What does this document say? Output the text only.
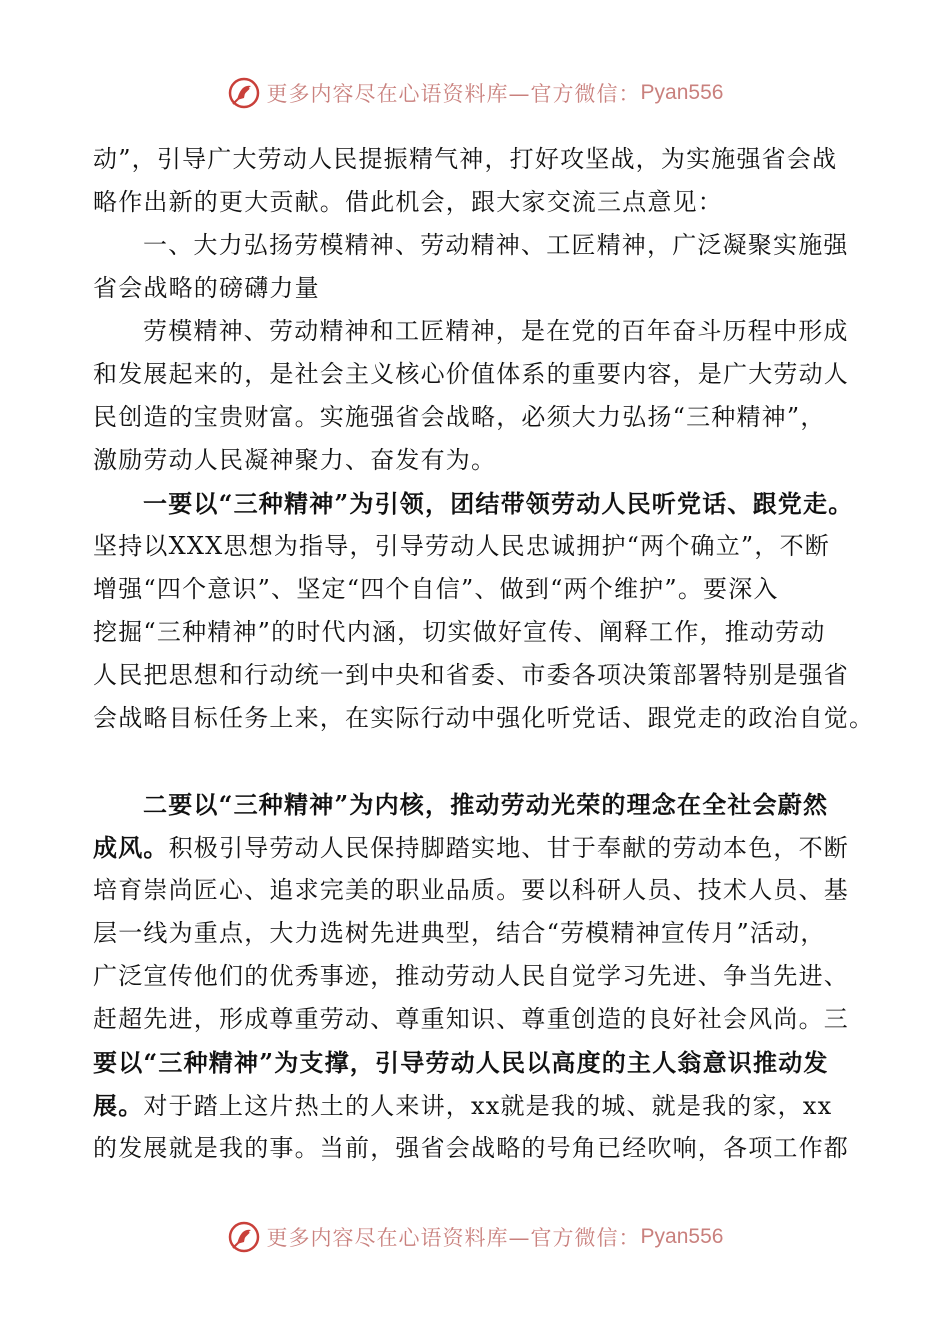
更多内容尽在心语资料库—官方微信： Pyan556
动”，引导广大劳动人民提振精气神，打好攻坚战，为实施强省会战
略作出新的更大贡献。借此机会，跟大家交流三点意见：
一、大力弘扬劳模精神、劳动精神、工匠精神，广泛凝聚实施强
省会战略的磅礴力量
劳模精神、劳动精神和工匠精神，是在党的百年奋斗历程中形成
和发展起来的，是社会主义核心价值体系的重要内容，是广大劳动人
民创造的宝贵财富。实施强省会战略，必须大力弘扬“三种精神”，
激励劳动人民凝神聚力、奋发有为。
一要以“三种精神”为引领，团结带领劳动人民听党话、跟党走。
坚持以XXX思想为指导，引导劳动人民忠诚拥护“两个确立”，不断
增强“四个意识”、坚定“四个自信”、做到“两个维护”。要深入
挖掘“三种精神”的时代内涵，切实做好宣传、阐释工作，推动劳动
人民把思想和行动统一到中央和省委、市委各项决策部署特别是强省
会战略目标任务上来，在实际行动中强化听党话、跟党走的政治自觉。
二要以“三种精神”为内核，推动劳动光荣的理念在全社会蔚然
成风。积极引导劳动人民保持脚踏实地、甘于奉献的劳动本色，不断
培育崇尚匠心、追求完美的职业品质。要以科研人员、技术人员、基
层一线为重点，大力选树先进典型，结合“劳模精神宣传月”活动，
广泛宣传他们的优秀事迹，推动劳动人民自觉学习先进、争当先进、
赶超先进，形成尊重劳动、尊重知识、尊重创造的良好社会风尚。三
要以“三种精神”为支撑，引导劳动人民以高度的主人翁意识推动发
展。对于踏上这片热土的人来讲，xx就是我的城、就是我的家，xx
的发展就是我的事。当前，强省会战略的号角已经吹响，各项工作都
更多内容尽在心语资料库—官方微信： Pyan556
